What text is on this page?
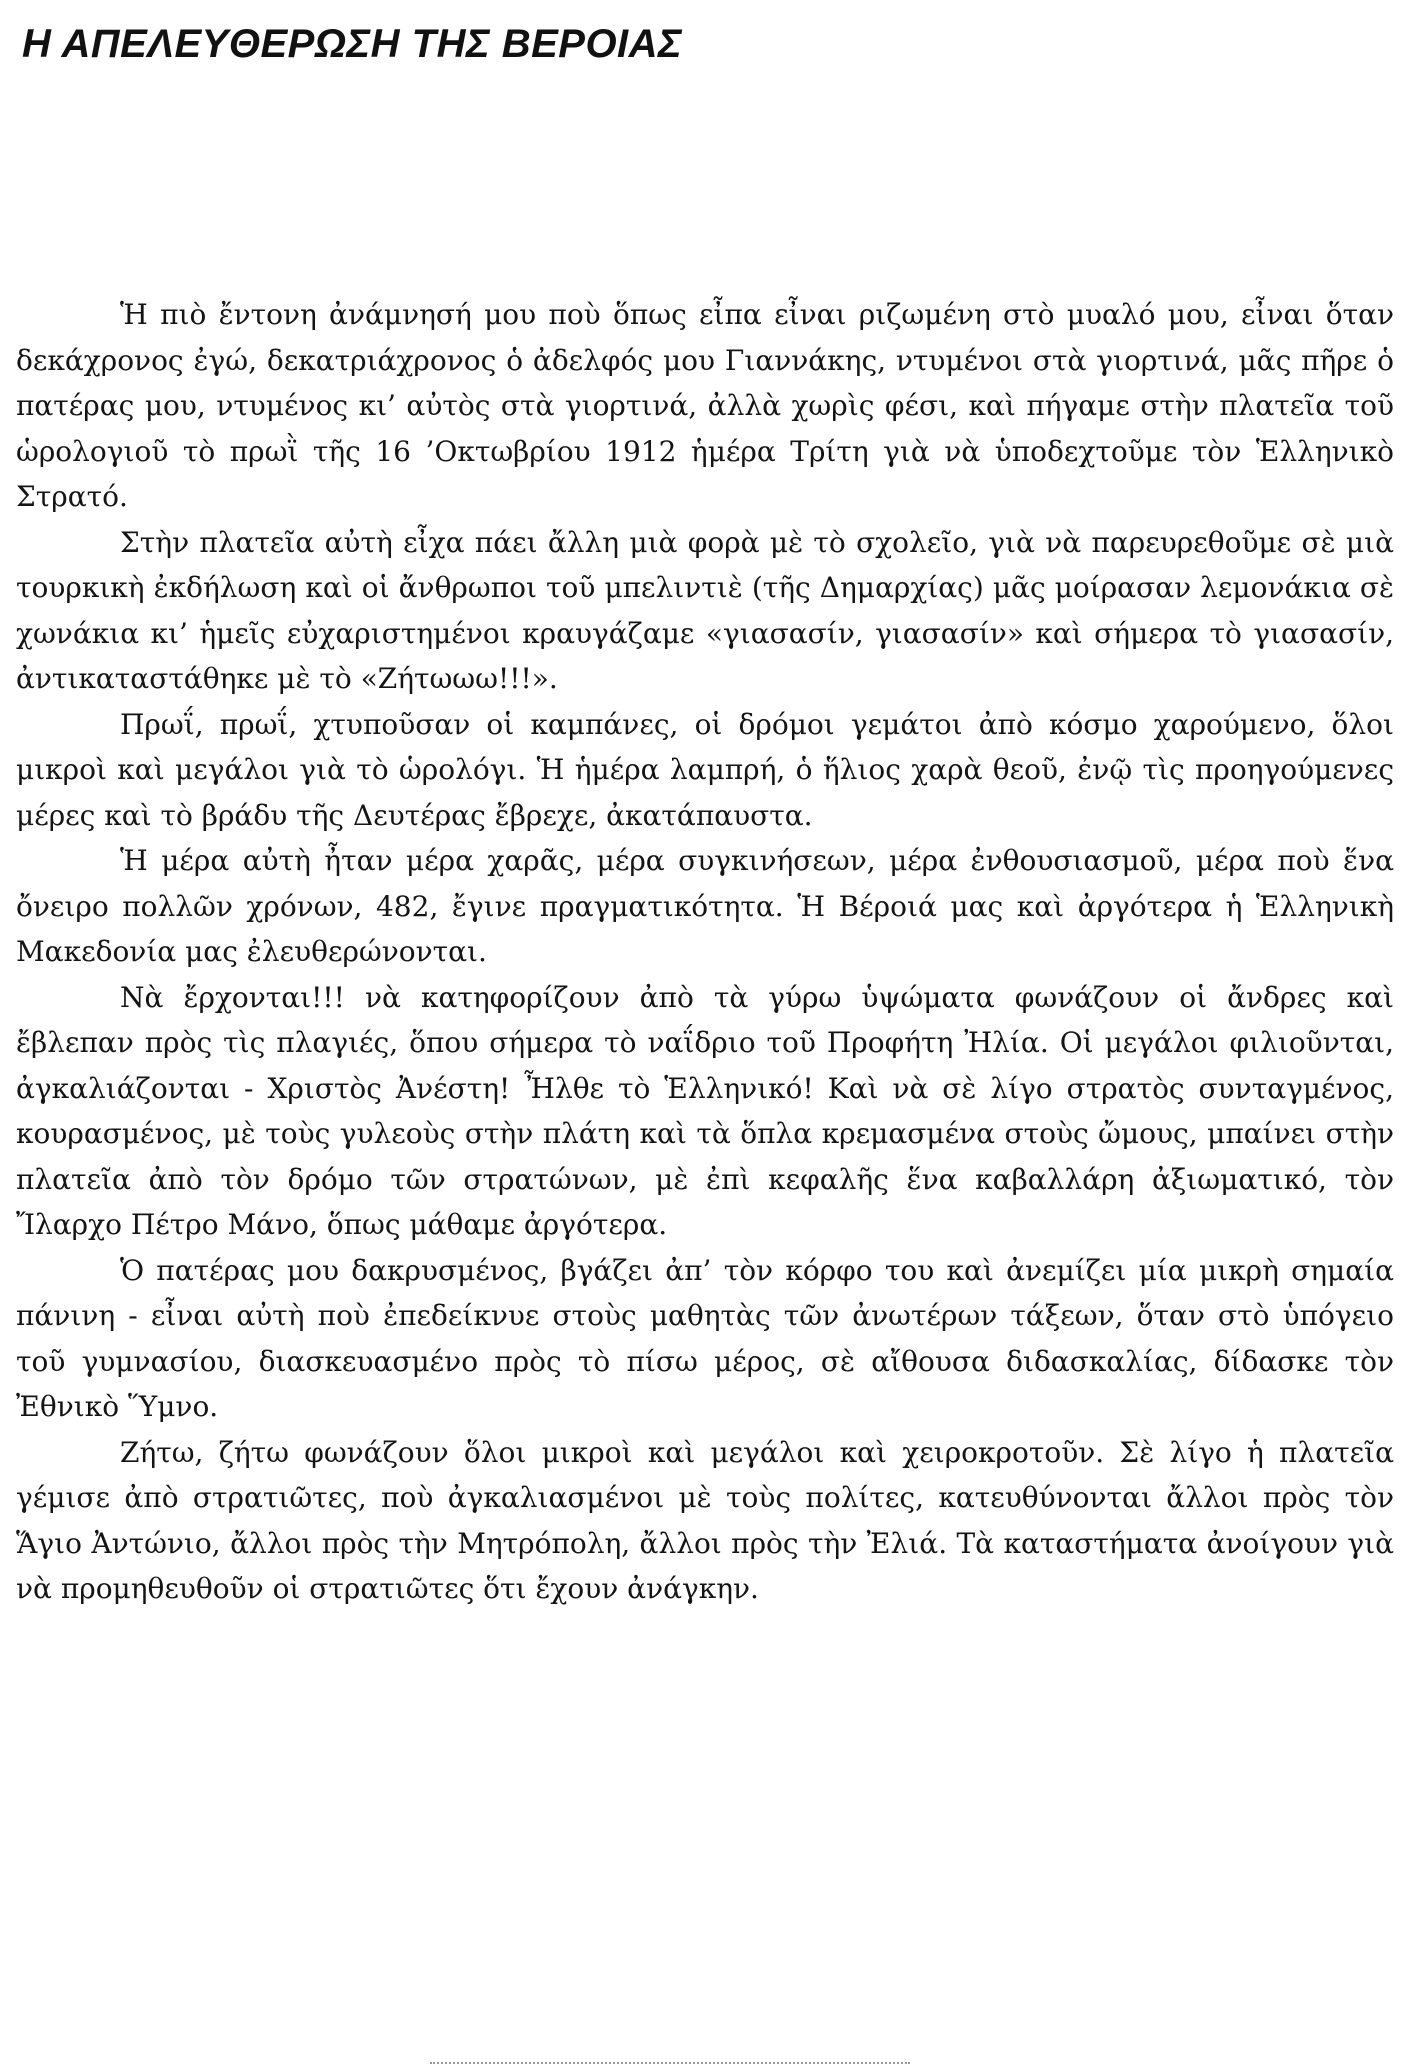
Η ΑΠΕΛΕΥΘΕΡΩΣΗ ΤΗΣ ΒΕΡΟΙΑΣ

Ἡ πιὸ ἔντονη ἀνάμνησή μου ποὺ ὅπως εἶπα εἶναι ριζωμένη στὸ μυαλό μου, εἶναι ὅταν δεκάχρονος ἐγώ, δεκατριάχρονος ὁ ἀδελφός μου Γιαννάκης, ντυμένοι στὰ γιορτινά, μᾶς πῆρε ὁ πατέρας μου, ντυμένος κι’ αὐτὸς στὰ γιορτινά, ἀλλὰ χωρὶς φέσι, καὶ πήγαμε στὴν πλατεῖα τοῦ ὡρολογιοῦ τὸ πρωῒ τῆς 16 ’Οκτωβρίου 1912 ἡμέρα Τρίτη γιὰ νὰ ὑποδεχτοῦμε τὸν Ἑλληνικὸ Στρατό.

Στὴν πλατεῖα αὐτὴ εἶχα πάει ἄλλη μιὰ φορὰ μὲ τὸ σχολεῖο, γιὰ νὰ παρευρεθοῦμε σὲ μιὰ τουρκικὴ ἐκδήλωση καὶ οἱ ἄνθρωποι τοῦ μπελιντιὲ (τῆς Δημαρχίας) μᾶς μοίρασαν λεμονάκια σὲ χωνάκια κι’ ἡμεῖς εὐχαριστημένοι κραυγάζαμε «γιασασίν, γιασασίν» καὶ σήμερα τὸ γιασασίν, ἀντικαταστάθηκε μὲ τὸ «Ζήτωωω!!!».

Πρωΐ, πρωΐ, χτυποῦσαν οἱ καμπάνες, οἱ δρόμοι γεμάτοι ἀπὸ κόσμο χαρούμενο, ὅλοι μικροὶ καὶ μεγάλοι γιὰ τὸ ὡρολόγι. Ἡ ἡμέρα λαμπρή, ὁ ἥλιος χαρὰ θεοῦ, ἐνῷ τὶς προηγούμενες μέρες καὶ τὸ βράδυ τῆς Δευτέρας ἔβρεχε, ἀκατάπαυστα.

Ἡ μέρα αὐτὴ ἦταν μέρα χαρᾶς, μέρα συγκινήσεων, μέρα ἐνθουσιασμοῦ, μέρα ποὺ ἕνα ὄνειρο πολλῶν χρόνων, 482, ἔγινε πραγματικότητα. Ἡ Βέροιά μας καὶ ἀργότερα ἡ Ἑλληνικὴ Μακεδονία μας ἐλευθερώνονται.

Νὰ ἔρχονται!!! νὰ κατηφορίζουν ἀπὸ τὰ γύρω ὑψώματα φωνάζουν οἱ ἄνδρες καὶ ἔβλεπαν πρὸς τὶς πλαγιές, ὅπου σήμερα τὸ ναΐδριο τοῦ Προφήτη Ἠλία. Οἱ μεγάλοι φιλιοῦνται, ἀγκαλιάζονται - Χριστὸς Ἀνέστη! Ἦλθε τὸ Ἑλληνικό! Καὶ νὰ σὲ λίγο στρατὸς συνταγμένος, κουρασμένος, μὲ τοὺς γυλεοὺς στὴν πλάτη καὶ τὰ ὅπλα κρεμασμένα στοὺς ὤμους, μπαίνει στὴν πλατεῖα ἀπὸ τὸν δρόμο τῶν στρατώνων, μὲ ἐπὶ κεφαλῆς ἕνα καβαλλάρη ἀξιωματικό, τὸν Ἴλαρχο Πέτρο Μάνο, ὅπως μάθαμε ἀργότερα.

Ὁ πατέρας μου δακρυσμένος, βγάζει ἀπ’ τὸν κόρφο του καὶ ἀνεμίζει μία μικρὴ σημαία πάνινη - εἶναι αὐτὴ ποὺ ἐπεδείκνυε στοὺς μαθητὰς τῶν ἀνωτέρων τάξεων, ὅταν στὸ ὑπόγειο τοῦ γυμνασίου, διασκευασμένο πρὸς τὸ πίσω μέρος, σὲ αἴθουσα διδασκαλίας, δίδασκε τὸν Ἐθνικὸ Ὕμνο.

Ζήτω, ζήτω φωνάζουν ὅλοι μικροὶ καὶ μεγάλοι καὶ χειροκροτοῦν. Σὲ λίγο ἡ πλατεῖα γέμισε ἀπὸ στρατιῶτες, ποὺ ἀγκαλιασμένοι μὲ τοὺς πολίτες, κατευθύνονται ἄλλοι πρὸς τὸν Ἅγιο Ἀντώνιο, ἄλλοι πρὸς τὴν Μητρόπολη, ἄλλοι πρὸς τὴν Ἐλιά. Τὰ καταστήματα ἀνοίγουν γιὰ νὰ προμηθευθοῦν οἱ στρατιῶτες ὅτι ἔχουν ἀνάγκην.
